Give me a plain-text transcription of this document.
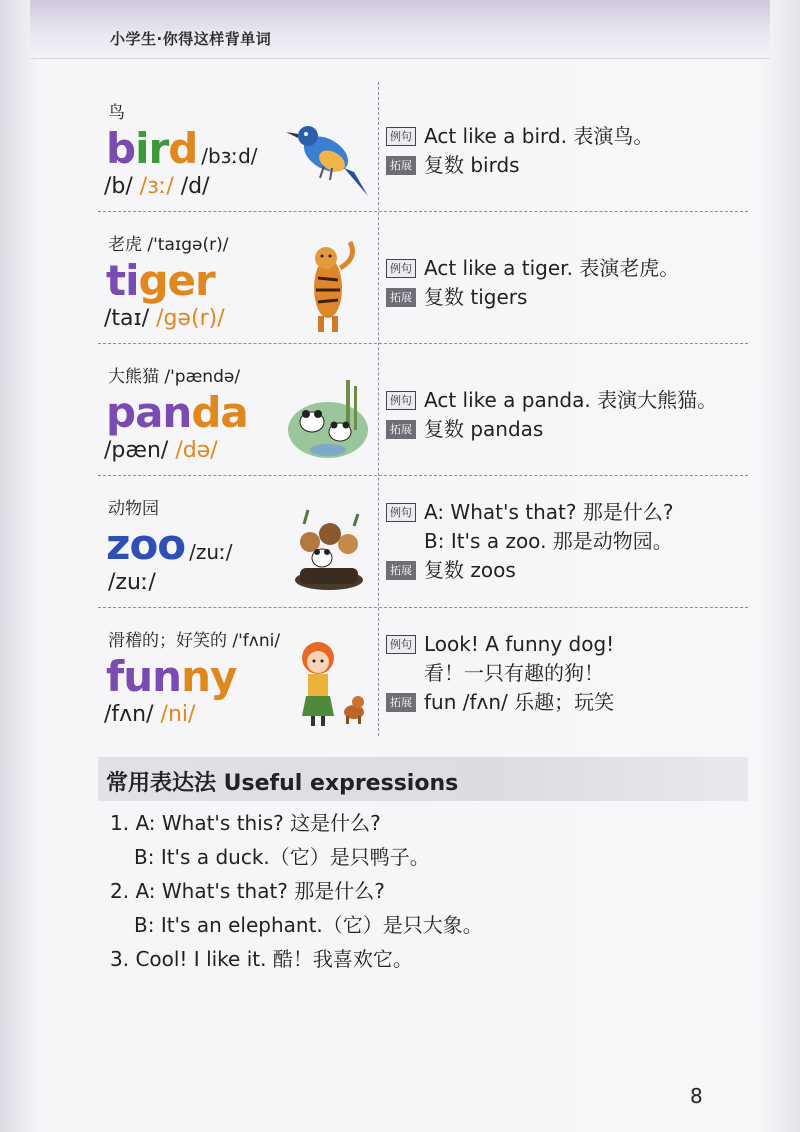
小学生·你得这样背单词
鸟
bird /bɜːd/
/b/ /ɜː/ /d/
例句 Act like a bird. 表演鸟。
拓展 复数 birds
老虎 /'taɪgə(r)/
tiger
/taɪ/ /gə(r)/
例句 Act like a tiger. 表演老虎。
拓展 复数 tigers
大熊猫 /'pændə/
panda
/pæn/ /də/
例句 Act like a panda. 表演大熊猫。
拓展 复数 pandas
动物园
zoo /zuː/
/zuː/
例句 A: What's that? 那是什么?
B: It's a zoo. 那是动物园。
拓展 复数 zoos
滑稽的；好笑的 /'fʌni/
funny
/fʌn/ /ni/
例句 Look! A funny dog!
看！一只有趣的狗！
拓展 fun /fʌn/ 乐趣；玩笑
常用表达法 Useful expressions
1. A: What's this? 这是什么?
B: It's a duck.（它）是只鸭子。
2. A: What's that? 那是什么?
B: It's an elephant.（它）是只大象。
3. Cool! I like it. 酷！我喜欢它。
8
